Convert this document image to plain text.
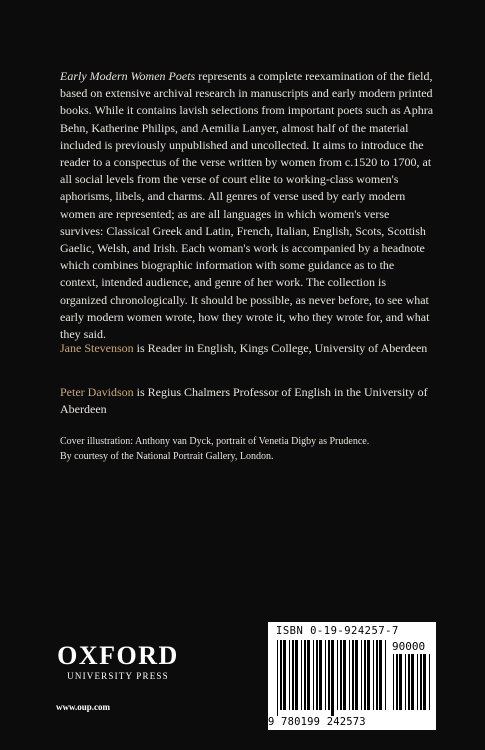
Early Modern Women Poets represents a complete reexamination of the field, based on extensive archival research in manuscripts and early modern printed books. While it contains lavish selections from important poets such as Aphra Behn, Katherine Philips, and Aemilia Lanyer, almost half of the material included is previously unpublished and uncollected. It aims to introduce the reader to a conspectus of the verse written by women from c.1520 to 1700, at all social levels from the verse of court elite to working-class women's aphorisms, libels, and charms. All genres of verse used by early modern women are represented; as are all languages in which women's verse survives: Classical Greek and Latin, French, Italian, English, Scots, Scottish Gaelic, Welsh, and Irish. Each woman's work is accompanied by a headnote which combines biographic information with some guidance as to the context, intended audience, and genre of her work. The collection is organized chronologically. It should be possible, as never before, to see what early modern women wrote, how they wrote it, who they wrote for, and what they said.

Jane Stevenson is Reader in English, Kings College, University of Aberdeen

Peter Davidson is Regius Chalmers Professor of English in the University of Aberdeen

Cover illustration: Anthony van Dyck, portrait of Venetia Digby as Prudence.
By courtesy of the National Portrait Gallery, London.

OXFORD
UNIVERSITY PRESS
www.oup.com
ISBN 0-19-924257-7
90000
9 780199 242573
